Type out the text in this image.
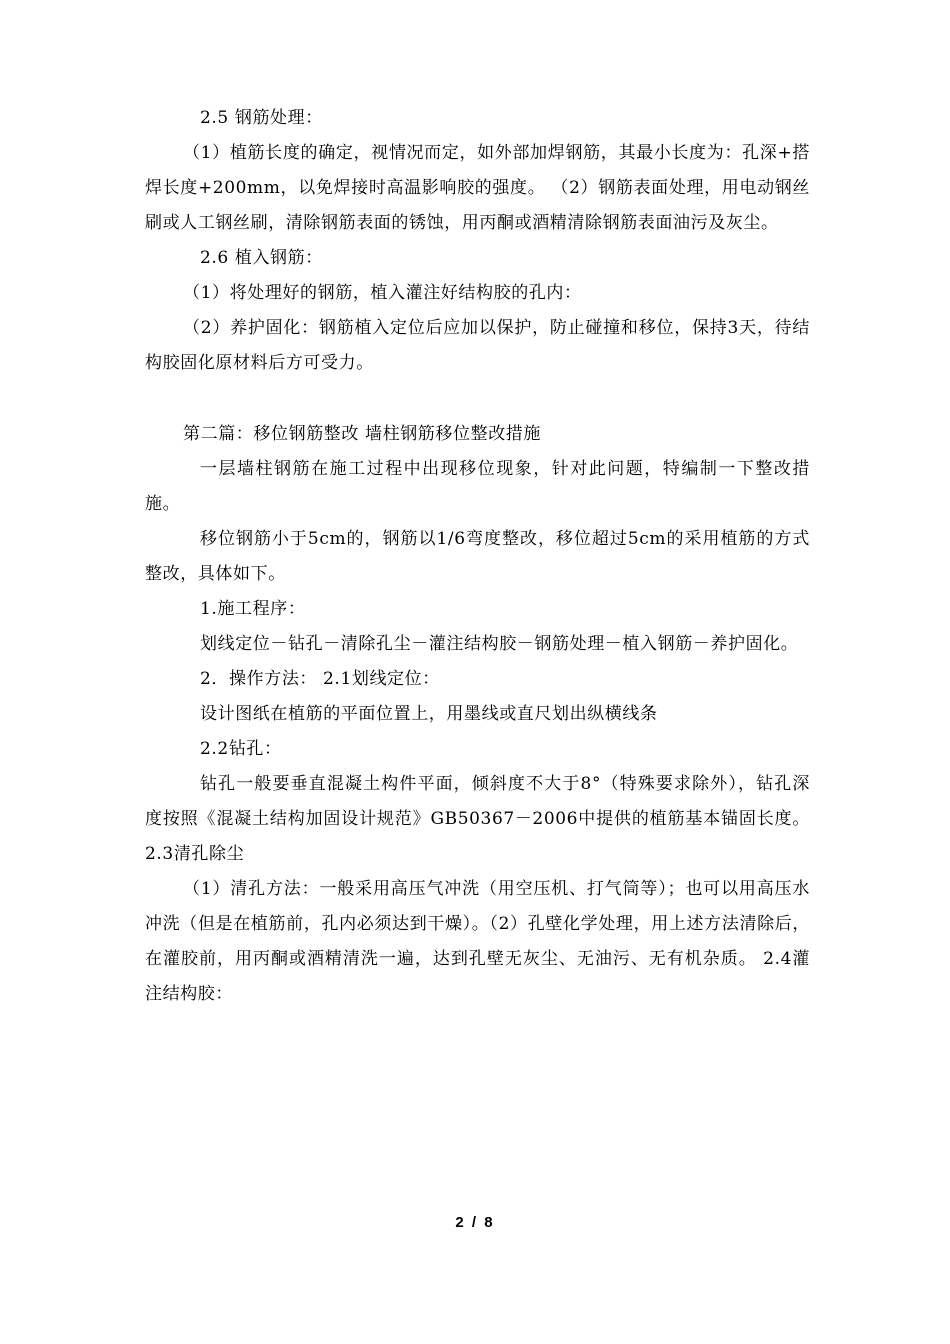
2.5 钢筋处理：

（1）植筋长度的确定，视情况而定，如外部加焊钢筋，其最小长度为：孔深+搭焊长度+200mm，以免焊接时高温影响胶的强度。 （2）钢筋表面处理，用电动钢丝刷或人工钢丝刷，清除钢筋表面的锈蚀，用丙酮或酒精清除钢筋表面油污及灰尘。

2.6 植入钢筋：

（1）将处理好的钢筋，植入灌注好结构胶的孔内：

（2）养护固化：钢筋植入定位后应加以保护，防止碰撞和移位，保持3天，待结构胶固化原材料后方可受力。

第二篇：移位钢筋整改 墙柱钢筋移位整改措施

一层墙柱钢筋在施工过程中出现移位现象，针对此问题，特编制一下整改措施。

移位钢筋小于5cm的，钢筋以1/6弯度整改，移位超过5cm的采用植筋的方式整改，具体如下。

1.施工程序：

划线定位－钻孔－清除孔尘－灌注结构胶－钢筋处理－植入钢筋－养护固化。

2．操作方法： 2.1划线定位：

设计图纸在植筋的平面位置上，用墨线或直尺划出纵横线条

2.2钻孔：

钻孔一般要垂直混凝土构件平面，倾斜度不大于8°（特殊要求除外），钻孔深度按照《混凝土结构加固设计规范》GB50367－2006中提供的植筋基本锚固长度。 2.3清孔除尘

（1）清孔方法：一般采用高压气冲洗（用空压机、打气筒等）；也可以用高压水冲洗（但是在植筋前，孔内必须达到干燥）。（2）孔壁化学处理，用上述方法清除后，在灌胶前，用丙酮或酒精清洗一遍，达到孔壁无灰尘、无油污、无有机杂质。 2.4灌注结构胶：

2 / 8
